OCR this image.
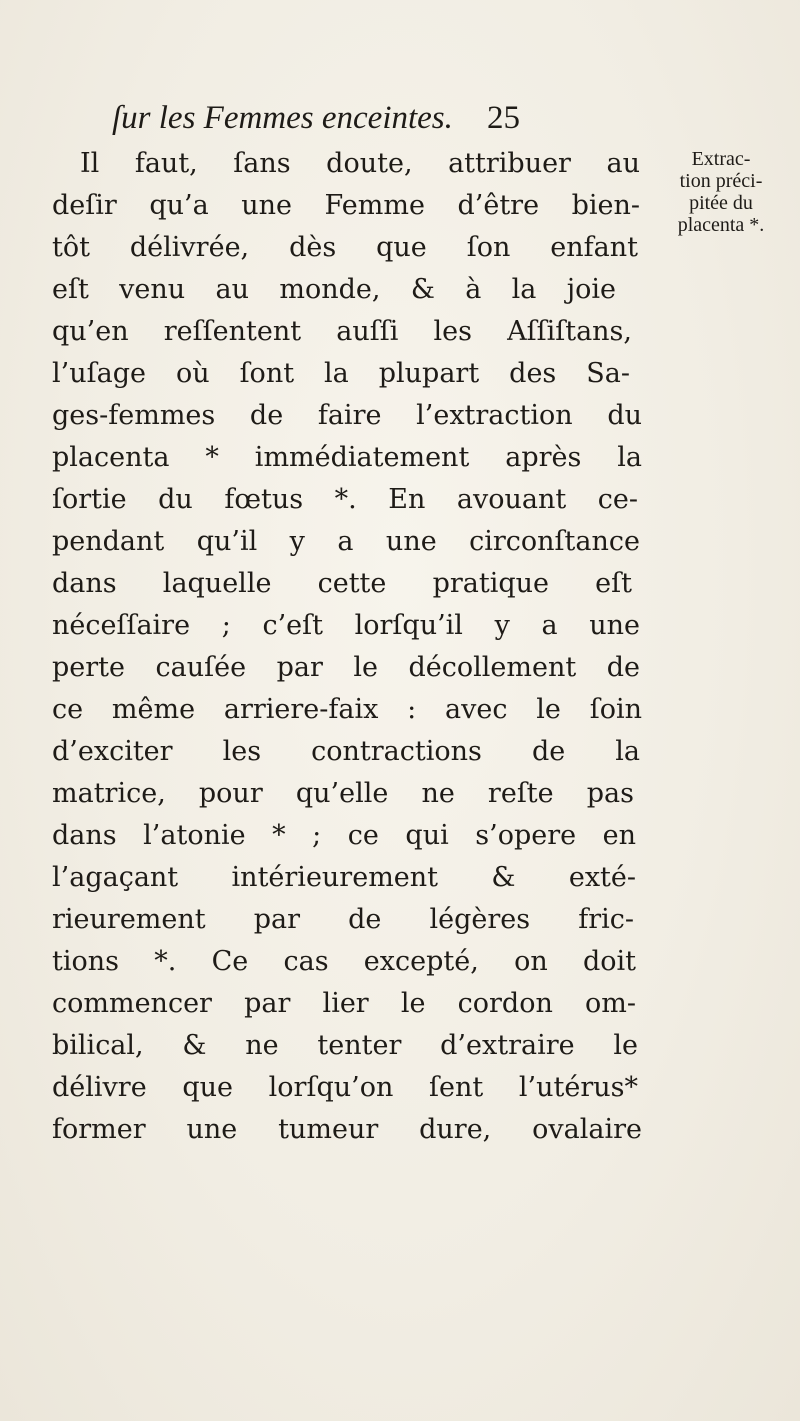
ſur les Femmes enceintes. 25
Il faut, ſans doute, attribuer au
deſir qu’a une Femme d’être bien-
tôt délivrée, dès que ſon enfant
eſt venu au monde, & à la joie
qu’en reſſentent auſſi les Aſſiſtans,
l’uſage où ſont la plupart des Sa-
ges-femmes de faire l’extraction du
placenta * immédiatement après la
ſortie du fœtus *. En avouant ce-
pendant qu’il y a une circonſtance
dans laquelle cette pratique eſt
néceſſaire ; c’eſt lorſqu’il y a une
perte cauſée par le décollement de
ce même arriere-faix : avec le ſoin
d’exciter les contractions de la
matrice, pour qu’elle ne reſte pas
dans l’atonie * ; ce qui s’opere en
l’agaçant intérieurement & exté-
rieurement par de légères fric-
tions *. Ce cas excepté, on doit
commencer par lier le cordon om-
bilical, & ne tenter d’extraire le
délivre que lorſqu’on ſent l’utérus*
former une tumeur dure, ovalaire
Extrac-
tion préci-
pitée du
placenta *.
